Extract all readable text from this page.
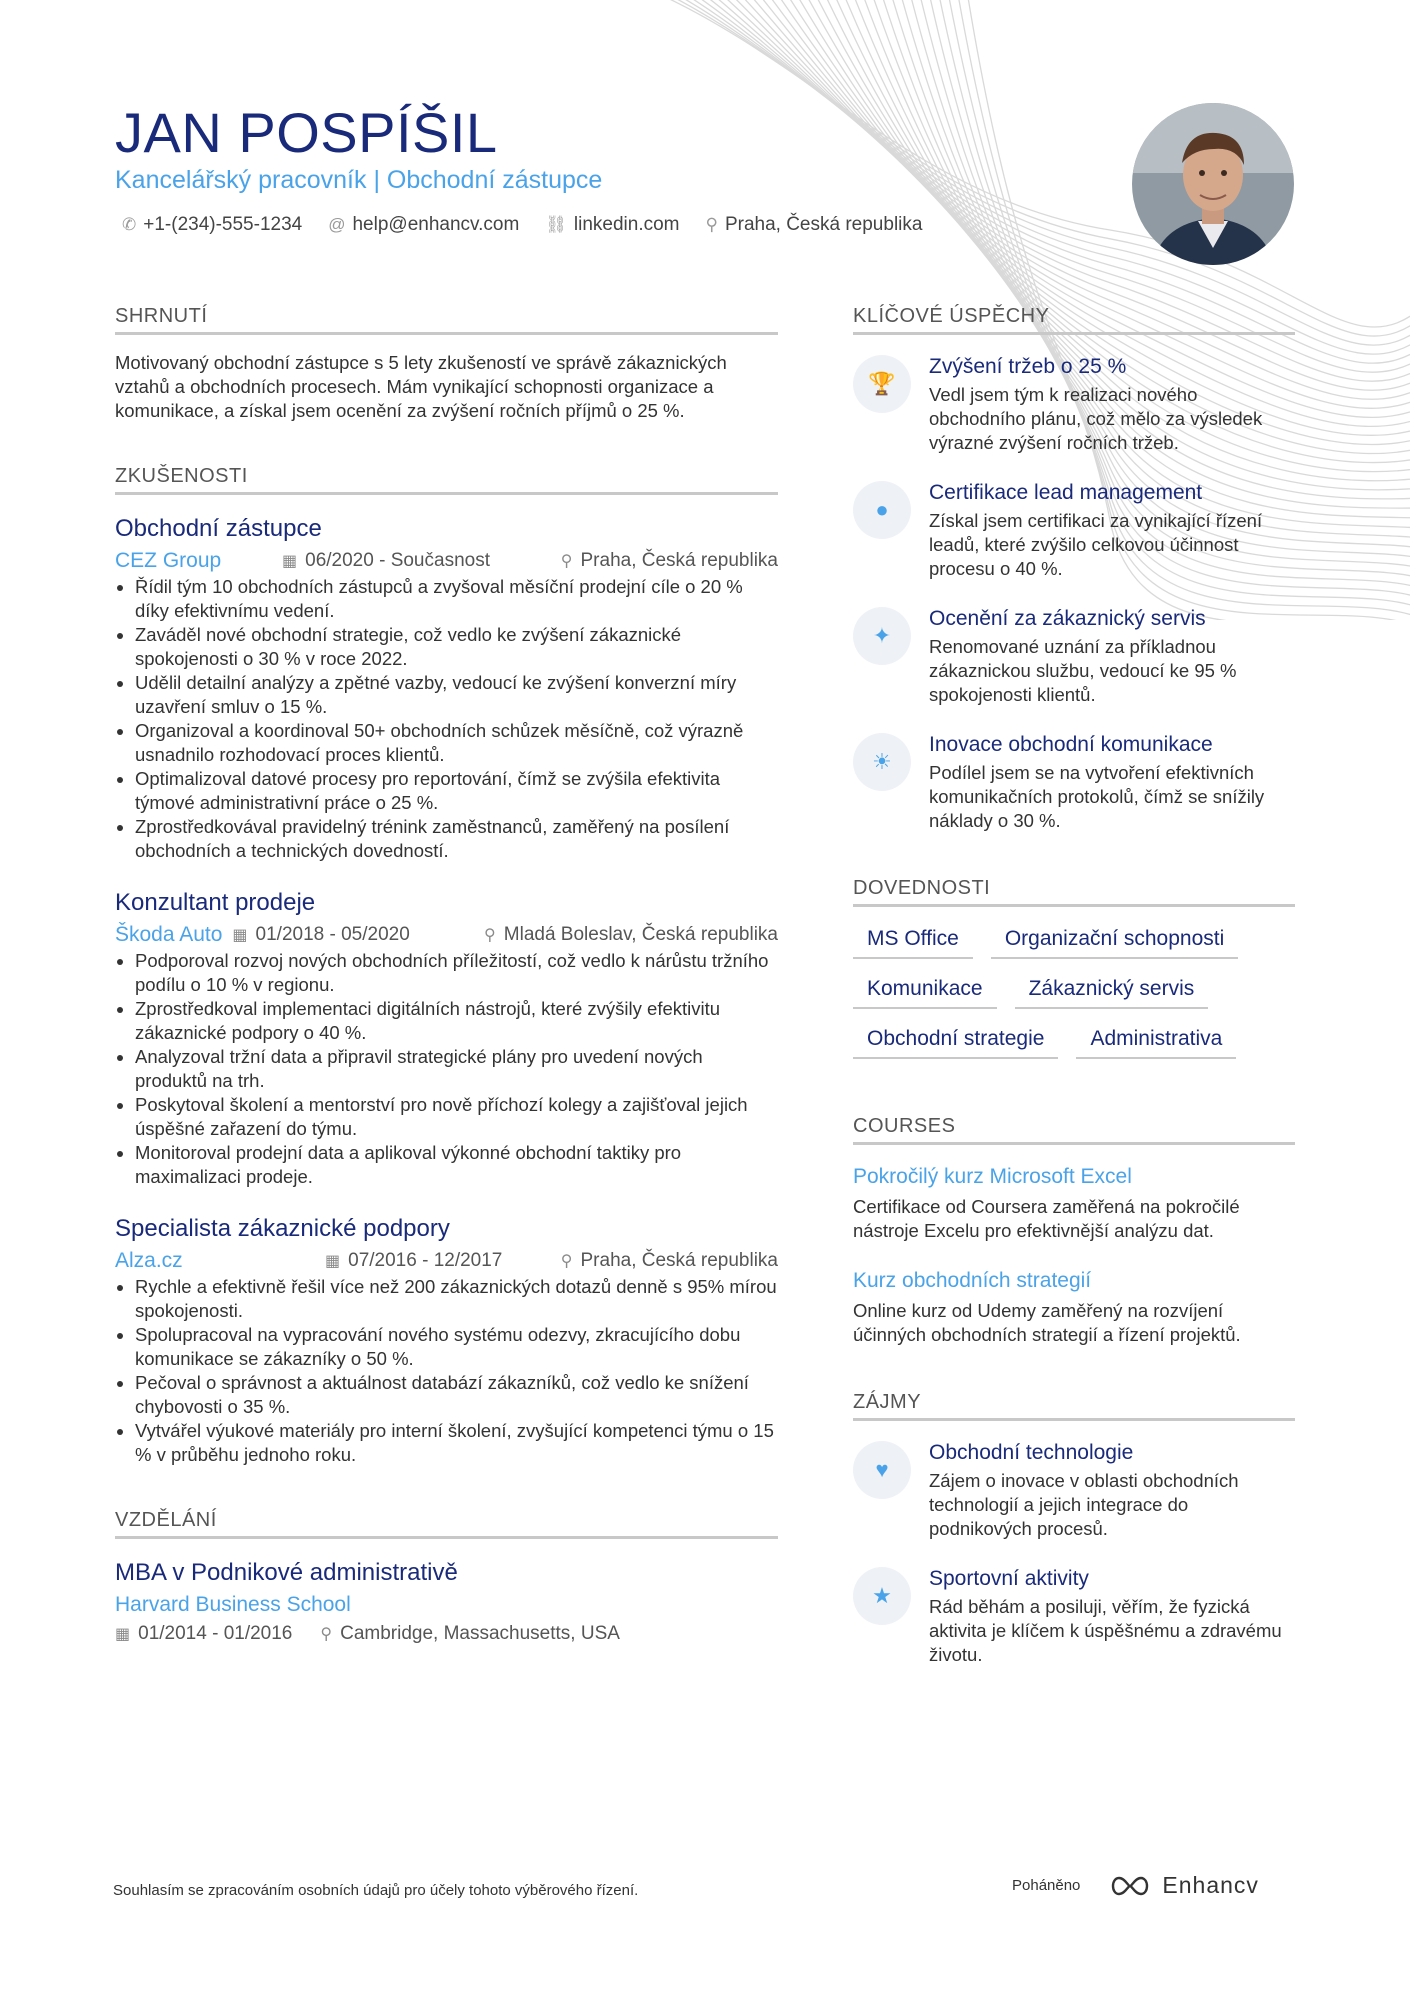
JAN POSPÍŠIL
Kancelářský pracovník | Obchodní zástupce
✆ +1-(234)-555-1234 @ help@enhancv.com ⛓ linkedin.com ⚲ Praha, Česká republika
SHRNUTÍ

Motivovaný obchodní zástupce s 5 lety zkušeností ve správě zákaznických vztahů a obchodních procesech. Mám vynikající schopnosti organizace a komunikace, a získal jsem ocenění za zvýšení ročních příjmů o 25 %.

ZKUŠENOSTI
Obchodní zástupce
CEZ Group	▦ 06/2020 - Současnost	⚲ Praha, Česká republika
• Řídil tým 10 obchodních zástupců a zvyšoval měsíční prodejní cíle o 20 % díky efektivnímu vedení.
• Zaváděl nové obchodní strategie, což vedlo ke zvýšení zákaznické spokojenosti o 30 % v roce 2022.
• Udělil detailní analýzy a zpětné vazby, vedoucí ke zvýšení konverzní míry uzavření smluv o 15 %.
• Organizoval a koordinoval 50+ obchodních schůzek měsíčně, což výrazně usnadnilo rozhodovací proces klientů.
• Optimalizoval datové procesy pro reportování, čímž se zvýšila efektivita týmové administrativní práce o 25 %.
• Zprostředkovával pravidelný trénink zaměstnanců, zaměřený na posílení obchodních a technických dovedností.
Konzultant prodeje
Škoda Auto ▦ 01/2018 - 05/2020	⚲ Mladá Boleslav, Česká republika
• Podporoval rozvoj nových obchodních příležitostí, což vedlo k nárůstu tržního podílu o 10 % v regionu.
• Zprostředkoval implementaci digitálních nástrojů, které zvýšily efektivitu zákaznické podpory o 40 %.
• Analyzoval tržní data a připravil strategické plány pro uvedení nových produktů na trh.
• Poskytoval školení a mentorství pro nově příchozí kolegy a zajišťoval jejich úspěšné zařazení do týmu.
• Monitoroval prodejní data a aplikoval výkonné obchodní taktiky pro maximalizaci prodeje.
Specialista zákaznické podpory
Alza.cz	▦ 07/2016 - 12/2017	⚲ Praha, Česká republika
• Rychle a efektivně řešil více než 200 zákaznických dotazů denně s 95% mírou spokojenosti.
• Spolupracoval na vypracování nového systému odezvy, zkracujícího dobu komunikace se zákazníky o 50 %.
• Pečoval o správnost a aktuálnost databází zákazníků, což vedlo ke snížení chybovosti o 35 %.
• Vytvářel výukové materiály pro interní školení, zvyšující kompetenci týmu o 15 % v průběhu jednoho roku.
VZDĚLÁNÍ
MBA v Podnikové administrativě
Harvard Business School
▦ 01/2014 - 01/2016 ⚲ Cambridge, Massachusetts, USA
KLÍČOVÉ ÚSPĚCHY
🏆
Zvýšení tržeb o 25 %
Vedl jsem tým k realizaci nového obchodního plánu, což mělo za výsledek výrazné zvýšení ročních tržeb.
●
Certifikace lead management
Získal jsem certifikaci za vynikající řízení leadů, které zvýšilo celkovou účinnost procesu o 40 %.
✦
Ocenění za zákaznický servis
Renomované uznání za příkladnou zákaznickou službu, vedoucí ke 95 % spokojenosti klientů.
☀
Inovace obchodní komunikace
Podílel jsem se na vytvoření efektivních komunikačních protokolů, čímž se snížily náklady o 30 %.
DOVEDNOSTI
MS Office	Organizační schopnosti
Komunikace	Zákaznický servis
Obchodní strategie	Administrativa
COURSES
Pokročilý kurz Microsoft Excel
Certifikace od Coursera zaměřená na pokročilé nástroje Excelu pro efektivnější analýzu dat.
Kurz obchodních strategií
Online kurz od Udemy zaměřený na rozvíjení účinných obchodních strategií a řízení projektů.
ZÁJMY
♥
Obchodní technologie
Zájem o inovace v oblasti obchodních technologií a jejich integrace do podnikových procesů.
★
Sportovní aktivity
Rád běhám a posiluji, věřím, že fyzická aktivita je klíčem k úspěšnému a zdravému životu.
Souhlasím se zpracováním osobních údajů pro účely tohoto výběrového řízení.	Poháněno	Enhancv
